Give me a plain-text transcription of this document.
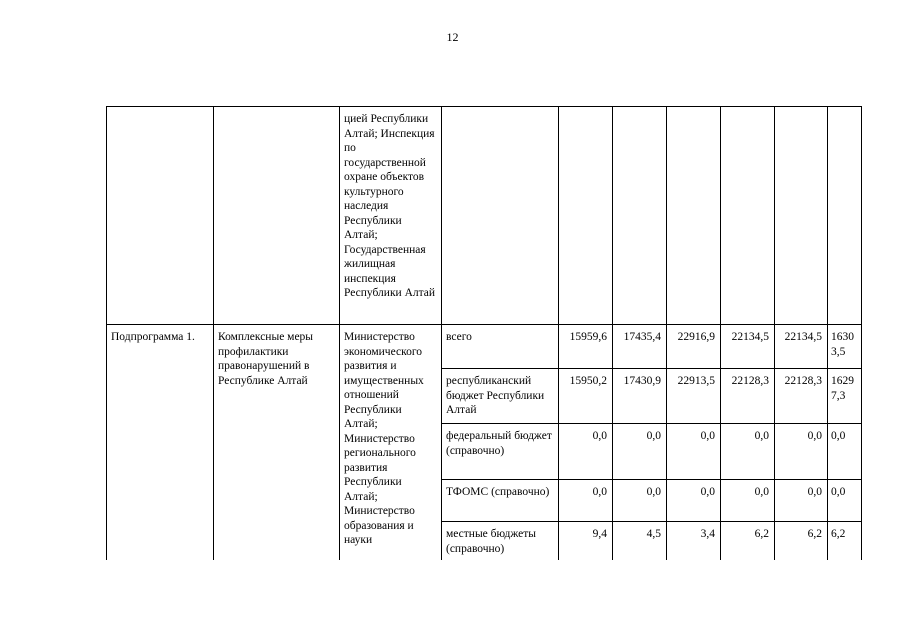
12
		цией Республики Алтай; Инспекция по государственной охране объектов культурного наследия Республики Алтай; Государственная жилищная инспекция Республики Алтай							
Подпрограмма 1.	Комплексные меры профилактики правонарушений в Республике Алтай	Министерство экономического развития и имущественных отношений Республики Алтай; Министерство регионального развития Республики Алтай; Министерство образования и науки	всего	15959,6	17435,4	22916,9	22134,5	22134,5	16303,5
			республиканский бюджет Республики Алтай	15950,2	17430,9	22913,5	22128,3	22128,3	16297,3
			федеральный бюджет (справочно)	0,0	0,0	0,0	0,0	0,0	0,0
			ТФОМС (справочно)	0,0	0,0	0,0	0,0	0,0	0,0
			местные бюджеты (справочно)	9,4	4,5	3,4	6,2	6,2	6,2
